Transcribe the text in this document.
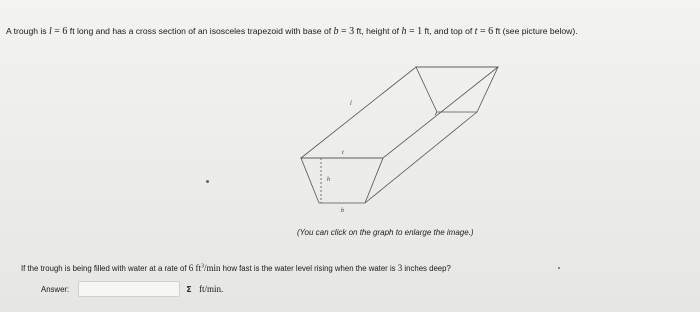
A trough is l = 6 ft long and has a cross section of an isosceles trapezoid with base of b = 3 ft, height of h = 1 ft, and top of t = 6 ft (see picture below).
l
t
h
b
(You can click on the graph to enlarge the image.)
If the trough is being filled with water at a rate of 6 $ft^3/\min$ how fast is the water level rising when the water is 3 inches deep?
Answer:	Σ ft/min.
